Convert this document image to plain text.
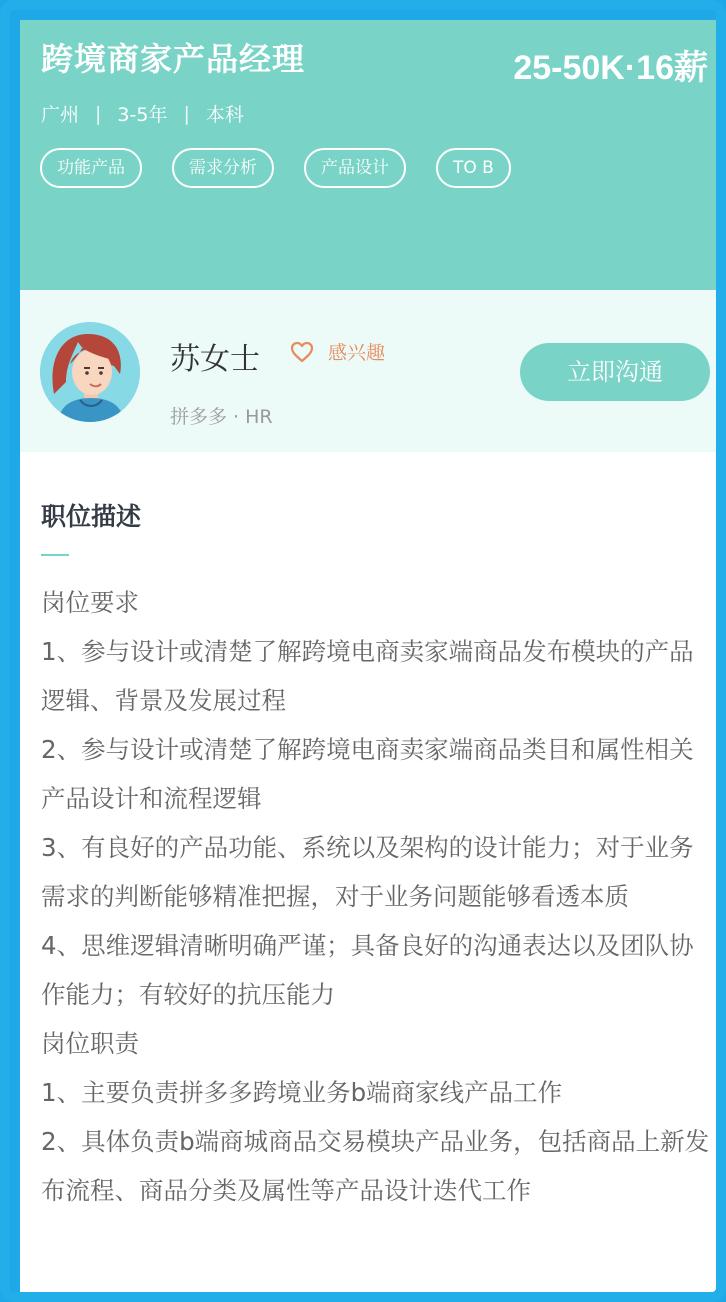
跨境商家产品经理	25-50K·16薪
广州 | 3-5年 | 本科
功能产品	需求分析	产品设计	TO B
苏女士	感兴趣
拼多多 · HR
立即沟通
职位描述

岗位要求

1、参与设计或清楚了解跨境电商卖家端商品发布模块的产品逻辑、背景及发展过程

2、参与设计或清楚了解跨境电商卖家端商品类目和属性相关产品设计和流程逻辑

3、有良好的产品功能、系统以及架构的设计能力；对于业务需求的判断能够精准把握，对于业务问题能够看透本质

4、思维逻辑清晰明确严谨；具备良好的沟通表达以及团队协作能力；有较好的抗压能力

岗位职责

1、主要负责拼多多跨境业务b端商家线产品工作

2、具体负责b端商城商品交易模块产品业务，包括商品上新发布流程、商品分类及属性等产品设计迭代工作
